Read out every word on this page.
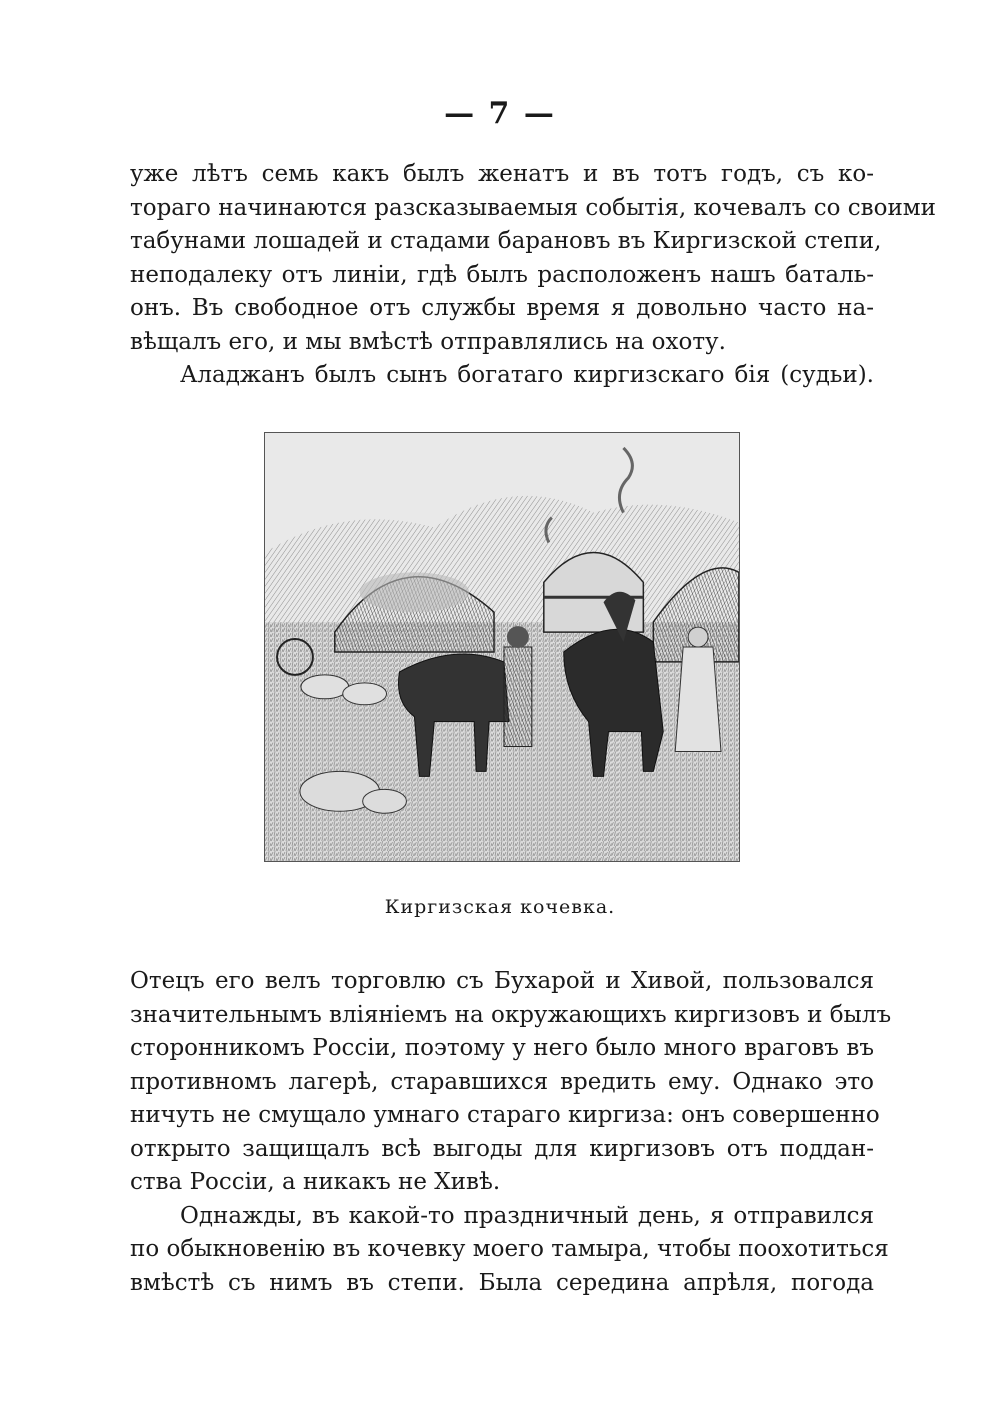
— 7 —
уже лѣтъ семь какъ былъ женатъ и въ тотъ годъ, съ ко-
тораго начинаются разсказываемыя событія, кочевалъ со своими
табунами лошадей и стадами барановъ въ Киргизской степи,
неподалеку отъ линіи, гдѣ былъ расположенъ нашъ баталь-
онъ. Въ свободное отъ службы время я довольно часто на-
вѣщалъ его, и мы вмѣстѣ отправлялись на охоту.
Аладжанъ былъ сынъ богатаго киргизскаго бія (судьи).
Киргизская кочевка.
Отецъ его велъ торговлю съ Бухарой и Хивой, пользовался
значительнымъ вліяніемъ на окружающихъ киргизовъ и былъ
сторонникомъ Россіи, поэтому у него было много враговъ въ
противномъ лагерѣ, старавшихся вредить ему. Однако это
ничуть не смущало умнаго стараго киргиза: онъ совершенно
открыто защищалъ всѣ выгоды для киргизовъ отъ поддан-
ства Россіи, а никакъ не Хивѣ.
Однажды, въ какой-то праздничный день, я отправился
по обыкновенію въ кочевку моего тамыра, чтобы поохотиться
вмѣстѣ съ нимъ въ степи. Была середина апрѣля, погода
